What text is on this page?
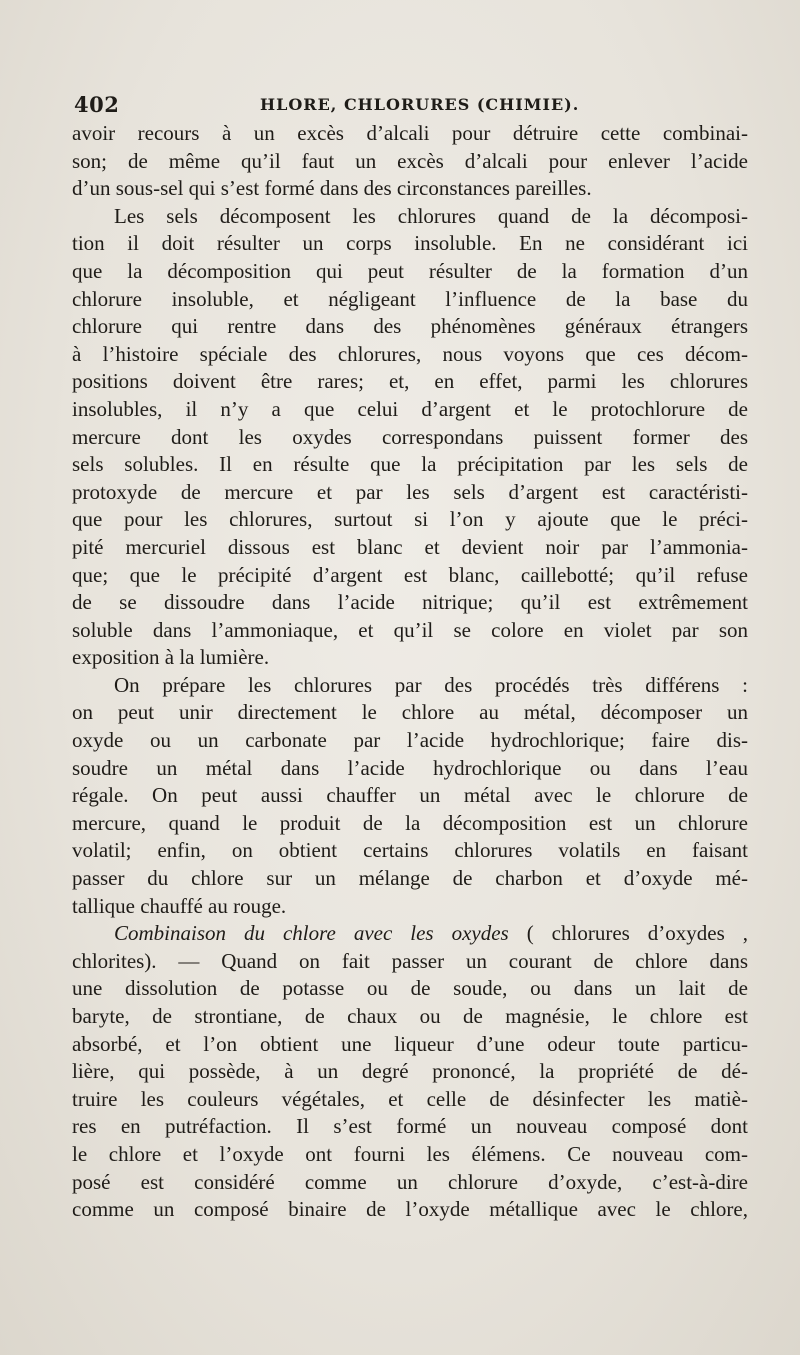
402	HLORE, CHLORURES (CHIMIE).
avoir recours à un excès d’alcali pour détruire cette combinai-
son; de même qu’il faut un excès d’alcali pour enlever l’acide
d’un sous-sel qui s’est formé dans des circonstances pareilles.
Les sels décomposent les chlorures quand de la décomposi-
tion il doit résulter un corps insoluble. En ne considérant ici
que la décomposition qui peut résulter de la formation d’un
chlorure insoluble, et négligeant l’influence de la base du
chlorure qui rentre dans des phénomènes généraux étrangers
à l’histoire spéciale des chlorures, nous voyons que ces décom-
positions doivent être rares; et, en effet, parmi les chlorures
insolubles, il n’y a que celui d’argent et le protochlorure de
mercure dont les oxydes correspondans puissent former des
sels solubles. Il en résulte que la précipitation par les sels de
protoxyde de mercure et par les sels d’argent est caractéristi-
que pour les chlorures, surtout si l’on y ajoute que le préci-
pité mercuriel dissous est blanc et devient noir par l’ammonia-
que; que le précipité d’argent est blanc, caillebotté; qu’il refuse
de se dissoudre dans l’acide nitrique; qu’il est extrêmement
soluble dans l’ammoniaque, et qu’il se colore en violet par son
exposition à la lumière.
On prépare les chlorures par des procédés très différens :
on peut unir directement le chlore au métal, décomposer un
oxyde ou un carbonate par l’acide hydrochlorique; faire dis-
soudre un métal dans l’acide hydrochlorique ou dans l’eau
régale. On peut aussi chauffer un métal avec le chlorure de
mercure, quand le produit de la décomposition est un chlorure
volatil; enfin, on obtient certains chlorures volatils en faisant
passer du chlore sur un mélange de charbon et d’oxyde mé-
tallique chauffé au rouge.
Combinaison du chlore avec les oxydes ( chlorures d’oxydes ,
chlorites). — Quand on fait passer un courant de chlore dans
une dissolution de potasse ou de soude, ou dans un lait de
baryte, de strontiane, de chaux ou de magnésie, le chlore est
absorbé, et l’on obtient une liqueur d’une odeur toute particu-
lière, qui possède, à un degré prononcé, la propriété de dé-
truire les couleurs végétales, et celle de désinfecter les matiè-
res en putréfaction. Il s’est formé un nouveau composé dont
le chlore et l’oxyde ont fourni les élémens. Ce nouveau com-
posé est considéré comme un chlorure d’oxyde, c’est-à-dire
comme un composé binaire de l’oxyde métallique avec le chlore,
